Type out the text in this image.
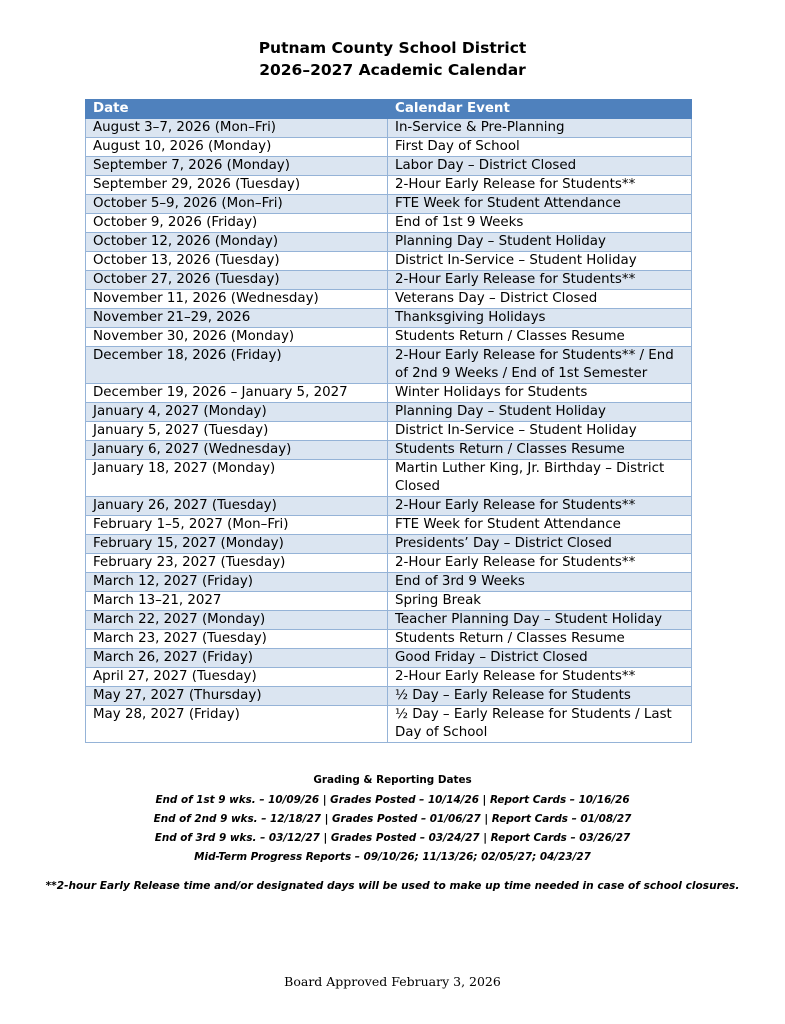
Putnam County School District
2026–2027 Academic Calendar
Date	Calendar Event
August 3–7, 2026 (Mon–Fri)	In-Service & Pre-Planning
August 10, 2026 (Monday)	First Day of School
September 7, 2026 (Monday)	Labor Day – District Closed
September 29, 2026 (Tuesday)	2-Hour Early Release for Students**
October 5–9, 2026 (Mon–Fri)	FTE Week for Student Attendance
October 9, 2026 (Friday)	End of 1st 9 Weeks
October 12, 2026 (Monday)	Planning Day – Student Holiday
October 13, 2026 (Tuesday)	District In-Service – Student Holiday
October 27, 2026 (Tuesday)	2-Hour Early Release for Students**
November 11, 2026 (Wednesday)	Veterans Day – District Closed
November 21–29, 2026	Thanksgiving Holidays
November 30, 2026 (Monday)	Students Return / Classes Resume
December 18, 2026 (Friday)	2-Hour Early Release for Students** / End of 2nd 9 Weeks / End of 1st Semester
December 19, 2026 – January 5, 2027	Winter Holidays for Students
January 4, 2027 (Monday)	Planning Day – Student Holiday
January 5, 2027 (Tuesday)	District In-Service – Student Holiday
January 6, 2027 (Wednesday)	Students Return / Classes Resume
January 18, 2027 (Monday)	Martin Luther King, Jr. Birthday – District Closed
January 26, 2027 (Tuesday)	2-Hour Early Release for Students**
February 1–5, 2027 (Mon–Fri)	FTE Week for Student Attendance
February 15, 2027 (Monday)	Presidents’ Day – District Closed
February 23, 2027 (Tuesday)	2-Hour Early Release for Students**
March 12, 2027 (Friday)	End of 3rd 9 Weeks
March 13–21, 2027	Spring Break
March 22, 2027 (Monday)	Teacher Planning Day – Student Holiday
March 23, 2027 (Tuesday)	Students Return / Classes Resume
March 26, 2027 (Friday)	Good Friday – District Closed
April 27, 2027 (Tuesday)	2-Hour Early Release for Students**
May 27, 2027 (Thursday)	½ Day – Early Release for Students
May 28, 2027 (Friday)	½ Day – Early Release for Students / Last Day of School
Grading & Reporting Dates
End of 1st 9 wks. – 10/09/26 | Grades Posted – 10/14/26 | Report Cards – 10/16/26
End of 2nd 9 wks. – 12/18/27 | Grades Posted – 01/06/27 | Report Cards – 01/08/27
End of 3rd 9 wks. – 03/12/27 | Grades Posted – 03/24/27 | Report Cards – 03/26/27
Mid-Term Progress Reports – 09/10/26; 11/13/26; 02/05/27; 04/23/27
**2-hour Early Release time and/or designated days will be used to make up time needed in case of school closures.
Board Approved February 3, 2026
